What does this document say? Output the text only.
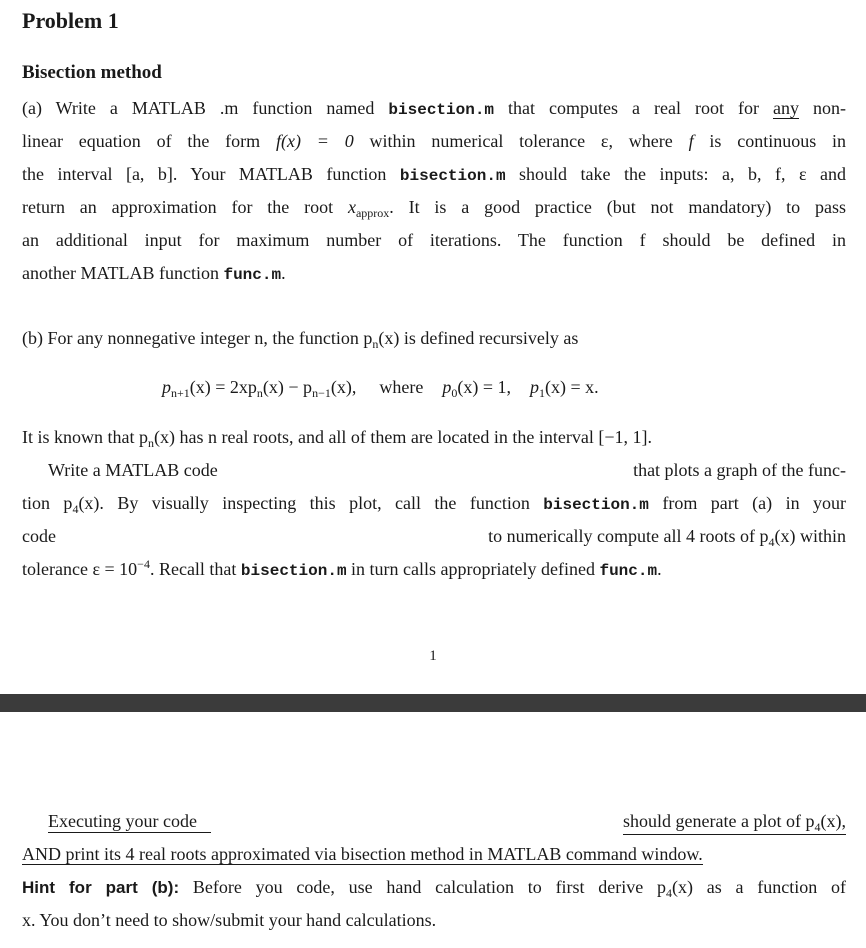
Problem 1
Bisection method
(a) Write a MATLAB .m function named bisection.m that computes a real root for any non-
linear equation of the form f(x) = 0 within numerical tolerance ε, where f is continuous in
the interval [a, b]. Your MATLAB function bisection.m should take the inputs: a, b, f, ε and
return an approximation for the root $x_{approx}$. It is a good practice (but not mandatory) to pass
an additional input for maximum number of iterations. The function f should be defined in
another MATLAB function func.m.
(b) For any nonnegative integer n, the function $p_n(x)$ is defined recursively as
$p_{n+1}(x) = 2xp_n(x) - p_{n-1}(x)$, where $p_0(x) = 1$, $p_1(x) = x$.
It is known that $p_n(x)$ has n real roots, and all of them are located in the interval [−1, 1].
Write a MATLAB code	that plots a graph of the func-
tion $p_4(x)$. By visually inspecting this plot, call the function bisection.m from part (a) in your
code	to numerically compute all 4 roots of $p_4(x)$ within
tolerance $\varepsilon = 10^{-4}$. Recall that bisection.m in turn calls appropriately defined func.m.
1
Executing your code	should generate a plot of $p_4(x)$,
AND print its 4 real roots approximated via bisection method in MATLAB command window.
Hint for part (b): Before you code, use hand calculation to first derive $p_4(x)$ as a function of
x. You don’t need to show/submit your hand calculations.
